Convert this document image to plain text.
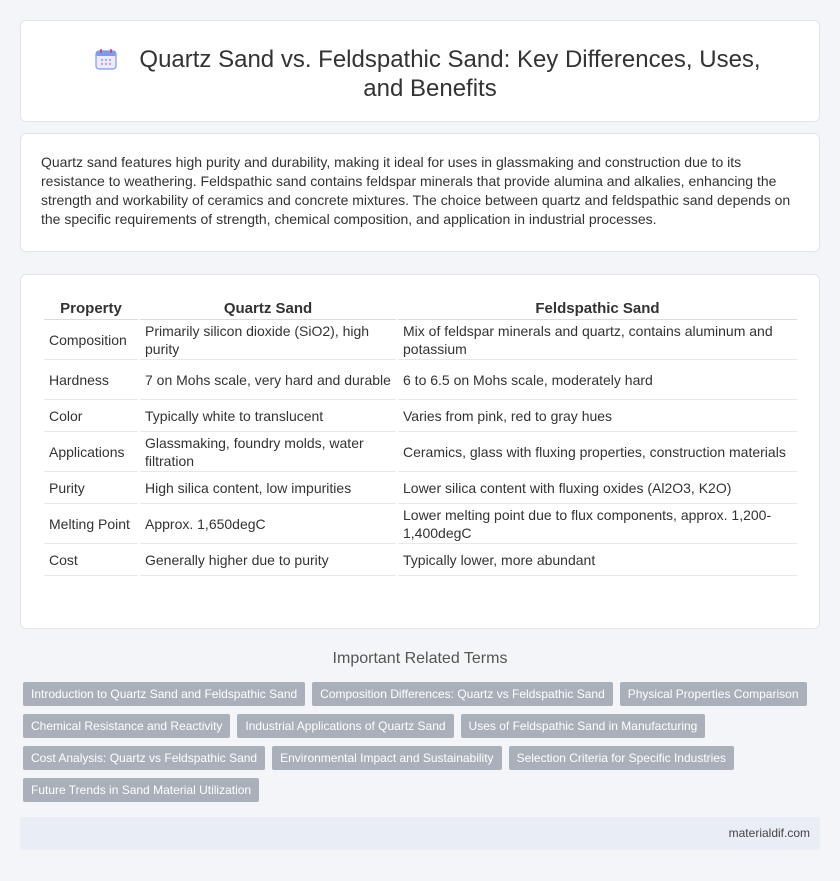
Quartz Sand vs. Feldspathic Sand: Key Differences, Uses, and Benefits

Quartz sand features high purity and durability, making it ideal for uses in glassmaking and construction due to its resistance to weathering. Feldspathic sand contains feldspar minerals that provide alumina and alkalies, enhancing the strength and workability of ceramics and concrete mixtures. The choice between quartz and feldspathic sand depends on the specific requirements of strength, chemical composition, and application in industrial processes.

Property	Quartz Sand	Feldspathic Sand
Composition	Primarily silicon dioxide (SiO2), high purity	Mix of feldspar minerals and quartz, contains aluminum and potassium
Hardness	7 on Mohs scale, very hard and durable	6 to 6.5 on Mohs scale, moderately hard
Color	Typically white to translucent	Varies from pink, red to gray hues
Applications	Glassmaking, foundry molds, water filtration	Ceramics, glass with fluxing properties, construction materials
Purity	High silica content, low impurities	Lower silica content with fluxing oxides (Al2O3, K2O)
Melting Point	Approx. 1,650degC	Lower melting point due to flux components, approx. 1,200-1,400degC
Cost	Generally higher due to purity	Typically lower, more abundant
Important Related Terms
Introduction to Quartz Sand and Feldspathic Sand	Composition Differences: Quartz vs Feldspathic Sand	Physical Properties Comparison
Chemical Resistance and Reactivity	Industrial Applications of Quartz Sand	Uses of Feldspathic Sand in Manufacturing
Cost Analysis: Quartz vs Feldspathic Sand	Environmental Impact and Sustainability	Selection Criteria for Specific Industries
Future Trends in Sand Material Utilization
materialdif.com
